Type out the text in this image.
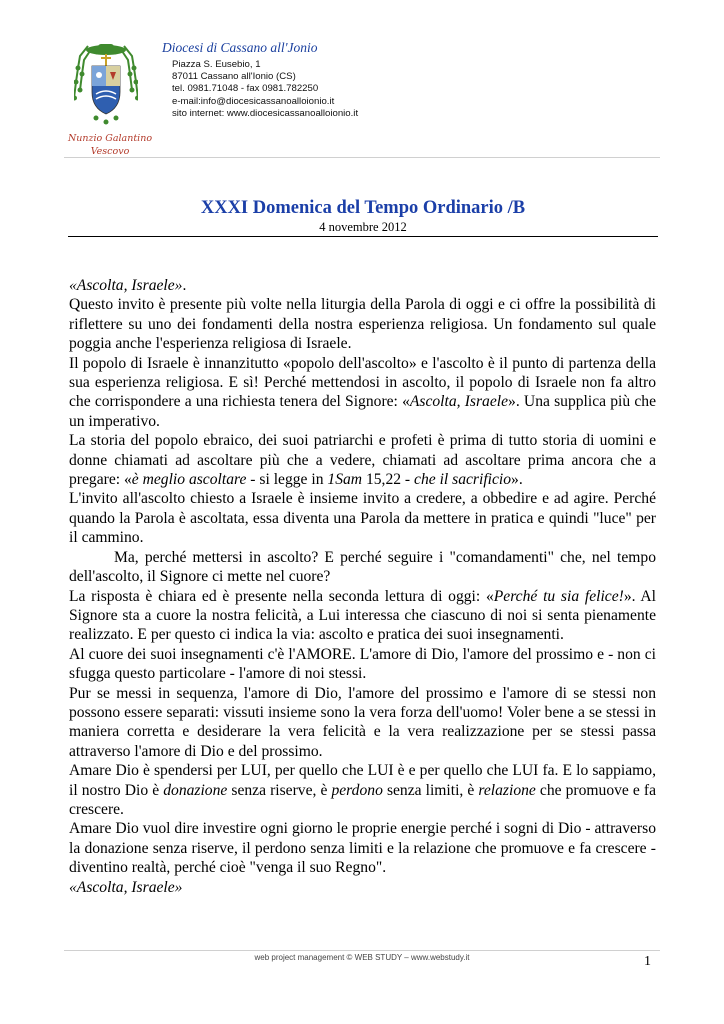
Nunzio Galantino
Vescovo
Diocesi di Cassano all'Jonio
Piazza S. Eusebio, 1
87011 Cassano all'Ionio (CS)
tel. 0981.71048 - fax 0981.782250
e-mail:info@diocesicassanoalloionio.it
sito internet: www.diocesicassanoalloionio.it
XXXI Domenica del Tempo Ordinario /B
4 novembre 2012

«Ascolta, Israele».

Questo invito è presente più volte nella liturgia della Parola di oggi e ci offre la possibilità di riflettere su uno dei fondamenti della nostra esperienza religiosa. Un fondamento sul quale poggia anche l'esperienza religiosa di Israele.

Il popolo di Israele è innanzitutto «popolo dell'ascolto» e l'ascolto è il punto di partenza della sua esperienza religiosa. E sì! Perché mettendosi in ascolto, il popolo di Israele non fa altro che corrispondere a una richiesta tenera del Signore: «Ascolta, Israele». Una supplica più che un imperativo.

La storia del popolo ebraico, dei suoi patriarchi e profeti è prima di tutto storia di uomini e donne chiamati ad ascoltare più che a vedere, chiamati ad ascoltare prima ancora che a pregare: «è meglio ascoltare - si legge in 1Sam 15,22 - che il sacrificio».

L'invito all'ascolto chiesto a Israele è insieme invito a credere, a obbedire e ad agire. Perché quando la Parola è ascoltata, essa diventa una Parola da mettere in pratica e quindi "luce" per il cammino.

Ma, perché mettersi in ascolto? E perché seguire i "comandamenti" che, nel tempo dell'ascolto, il Signore ci mette nel cuore?

La risposta è chiara ed è presente nella seconda lettura di oggi: «Perché tu sia felice!». Al Signore sta a cuore la nostra felicità, a Lui interessa che ciascuno di noi si senta pienamente realizzato. E per questo ci indica la via: ascolto e pratica dei suoi insegnamenti.

Al cuore dei suoi insegnamenti c'è l'AMORE. L'amore di Dio, l'amore del prossimo e - non ci sfugga questo particolare - l'amore di noi stessi.

Pur se messi in sequenza, l'amore di Dio, l'amore del prossimo e l'amore di se stessi non possono essere separati: vissuti insieme sono la vera forza dell'uomo! Voler bene a se stessi in maniera corretta e desiderare la vera felicità e la vera realizzazione per se stessi passa attraverso l'amore di Dio e del prossimo.

Amare Dio è spendersi per LUI, per quello che LUI è e per quello che LUI fa. E lo sappiamo, il nostro Dio è donazione senza riserve, è perdono senza limiti, è relazione che promuove e fa crescere.

Amare Dio vuol dire investire ogni giorno le proprie energie perché i sogni di Dio - attraverso la donazione senza riserve, il perdono senza limiti e la relazione che promuove e fa crescere - diventino realtà, perché cioè "venga il suo Regno".

«Ascolta, Israele»

web project management © WEB STUDY – www.webstudy.it	1
